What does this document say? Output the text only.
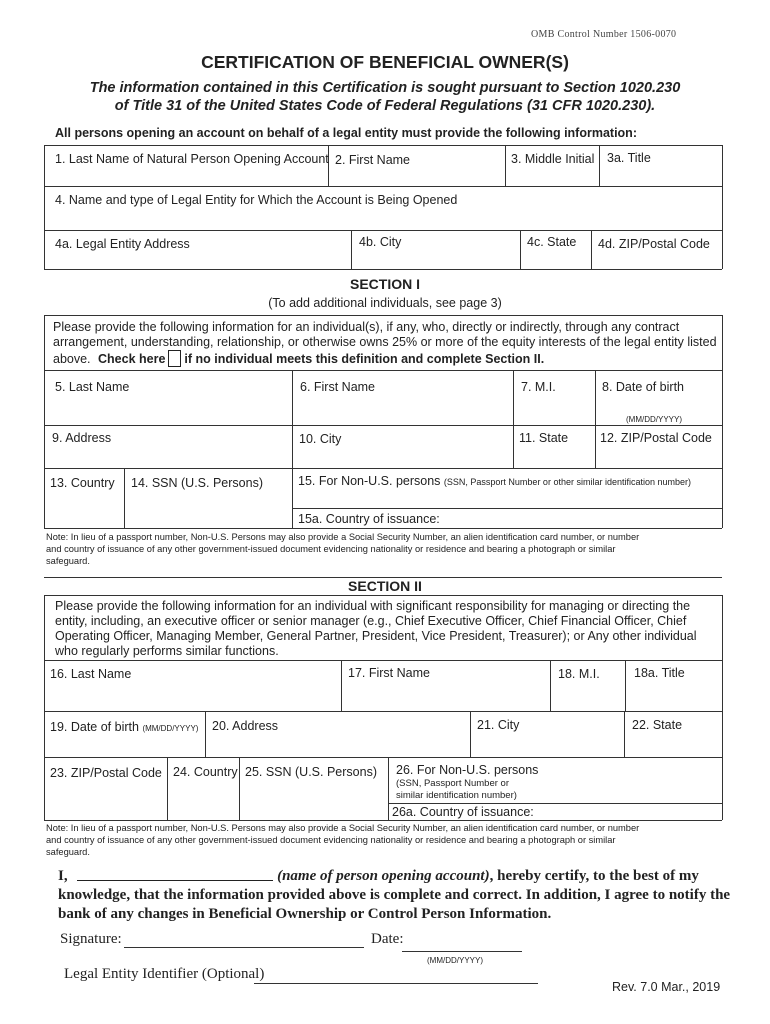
OMB Control Number 1506-0070
CERTIFICATION OF BENEFICIAL OWNER(S)
The information contained in this Certification is sought pursuant to Section 1020.230
of Title 31 of the United States Code of Federal Regulations (31 CFR 1020.230).
All persons opening an account on behalf of a legal entity must provide the following information:
1. Last Name of Natural Person Opening Account 2. First Name	3. Middle Initial 3a. Title
4. Name and type of Legal Entity for Which the Account is Being Opened
4a. Legal Entity Address	4b. City	4c. State 4d. ZIP/Postal Code
SECTION I
(To add additional individuals, see page 3)
Please provide the following information for an individual(s), if any, who, directly or indirectly, through any contract
arrangement, understanding, relationship, or otherwise owns 25% or more of the equity interests of the legal entity listed
above. Check here if no individual meets this definition and complete Section II.
5. Last Name	6. First Name	7. M.I.	8. Date of birth
(MM/DD/YYYY)
9. Address	10. City	11. State	12. ZIP/Postal Code
13. Country 14. SSN (U.S. Persons)	15. For Non-U.S. persons (SSN, Passport Number or other similar identification number)
15a. Country of issuance:
Note: In lieu of a passport number, Non-U.S. Persons may also provide a Social Security Number, an alien identification card number, or number
and country of issuance of any other government-issued document evidencing nationality or residence and bearing a photograph or similar
safeguard.
SECTION II
Please provide the following information for an individual with significant responsibility for managing or directing the
entity, including, an executive officer or senior manager (e.g., Chief Executive Officer, Chief Financial Officer, Chief
Operating Officer, Managing Member, General Partner, President, Vice President, Treasurer); or Any other individual
who regularly performs similar functions.
16. Last Name	17. First Name	18. M.I.	18a. Title
19. Date of birth (MM/DD/YYYY) 20. Address	21. City	22. State
23. ZIP/Postal Code 24. Country 25. SSN (U.S. Persons) 26. For Non-U.S. persons
(SSN, Passport Number or
similar identification number)
26a. Country of issuance:
Note: In lieu of a passport number, Non-U.S. Persons may also provide a Social Security Number, an alien identification card number, or number
and country of issuance of any other government-issued document evidencing nationality or residence and bearing a photograph or similar
safeguard.
I,	(name of person opening account), hereby certify, to the best of my
knowledge, that the information provided above is complete and correct. In addition, I agree to notify the
bank of any changes in Beneficial Ownership or Control Person Information.
Signature:	Date:
(MM/DD/YYYY)
Legal Entity Identifier (Optional)
Rev. 7.0 Mar., 2019
